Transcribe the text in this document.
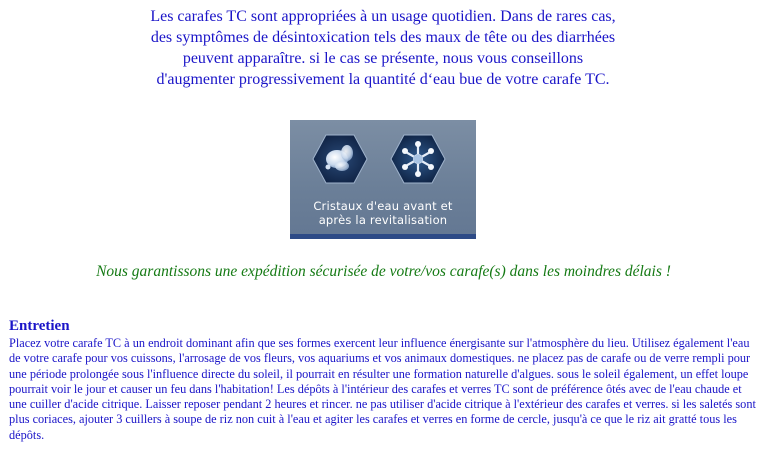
Les carafes TC sont appropriées à un usage quotidien. Dans de rares cas, des symptômes de désintoxication tels des maux de tête ou des diarrhées peuvent apparaître. si le cas se présente, nous vous conseillons d'augmenter progressivement la quantité d‘eau bue de votre carafe TC.
Cristaux d'eau avant et
après la revitalisation
Nous garantissons une expédition sécurisée de votre/vos carafe(s) dans les moindres délais !
Entretien
Placez votre carafe TC à un endroit dominant afin que ses formes exercent leur influence énergisante sur l'atmosphère du lieu. Utilisez également l'eau de votre carafe pour vos cuissons, l'arrosage de vos fleurs, vos aquariums et vos animaux domestiques. ne placez pas de carafe ou de verre rempli pour une période prolongée sous l'influence directe du soleil, il pourrait en résulter une formation naturelle d'algues. sous le soleil également, un effet loupe pourrait voir le jour et causer un feu dans l'habitation! Les dépôts à l'intérieur des carafes et verres TC sont de préférence ôtés avec de l'eau chaude et une cuiller d'acide citrique. Laisser reposer pendant 2 heures et rincer. ne pas utiliser d'acide citrique à l'extérieur des carafes et verres. si les saletés sont plus coriaces, ajouter 3 cuillers à soupe de riz non cuit à l'eau et agiter les carafes et verres en forme de cercle, jusqu'à ce que le riz ait gratté tous les dépôts.
